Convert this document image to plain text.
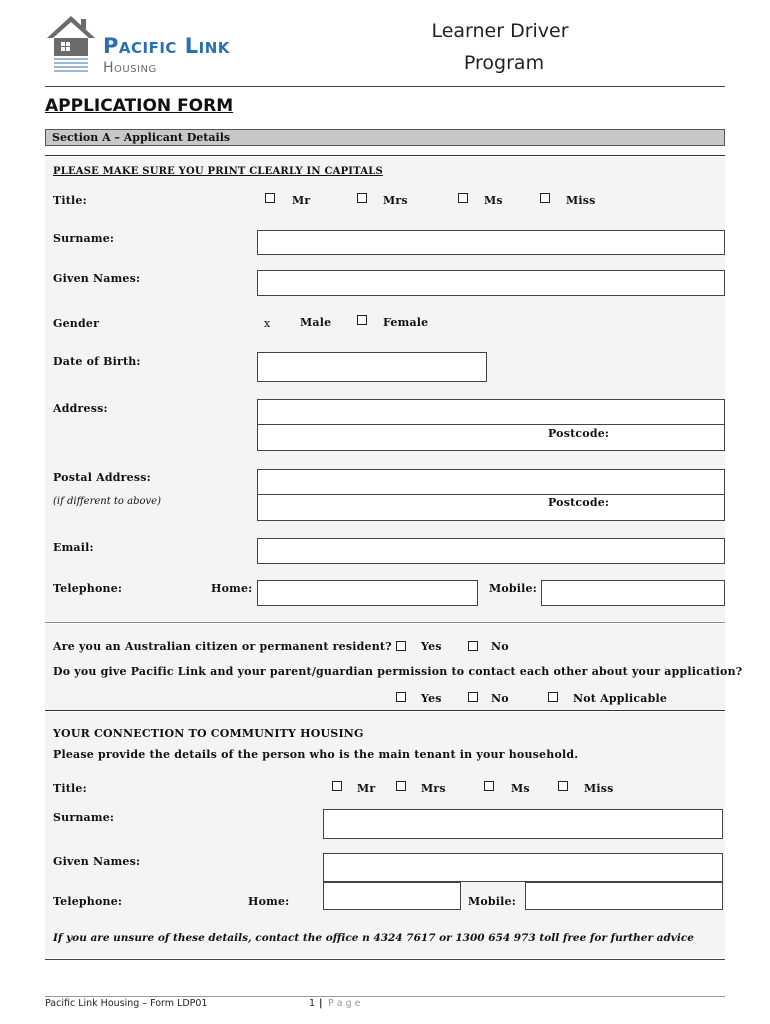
Pacific Link
Housing
Learner Driver
Program
APPLICATION FORM
Section A – Applicant Details
PLEASE MAKE SURE YOU PRINT CLEARLY IN CAPITALS
Title:	Mr	Mrs	Ms	Miss
Surname:
Given Names:
Gender	x	Male	Female
Date of Birth:
Address:
Postcode:
Postal Address:
(if different to above)	Postcode:
Email:
Telephone:	Home:	Mobile:
Are you an Australian citizen or permanent resident?	Yes	No
Do you give Pacific Link and your parent/guardian permission to contact each other about your application?
Yes	No	Not Applicable
YOUR CONNECTION TO COMMUNITY HOUSING
Please provide the details of the person who is the main tenant in your household.
Title:	Mr	Mrs	Ms	Miss
Surname:
Given Names:
Telephone:	Home:	Mobile:
If you are unsure of these details, contact the office n 4324 7617 or 1300 654 973 toll free for further advice
Pacific Link Housing – Form LDP01	1 | P a g e
